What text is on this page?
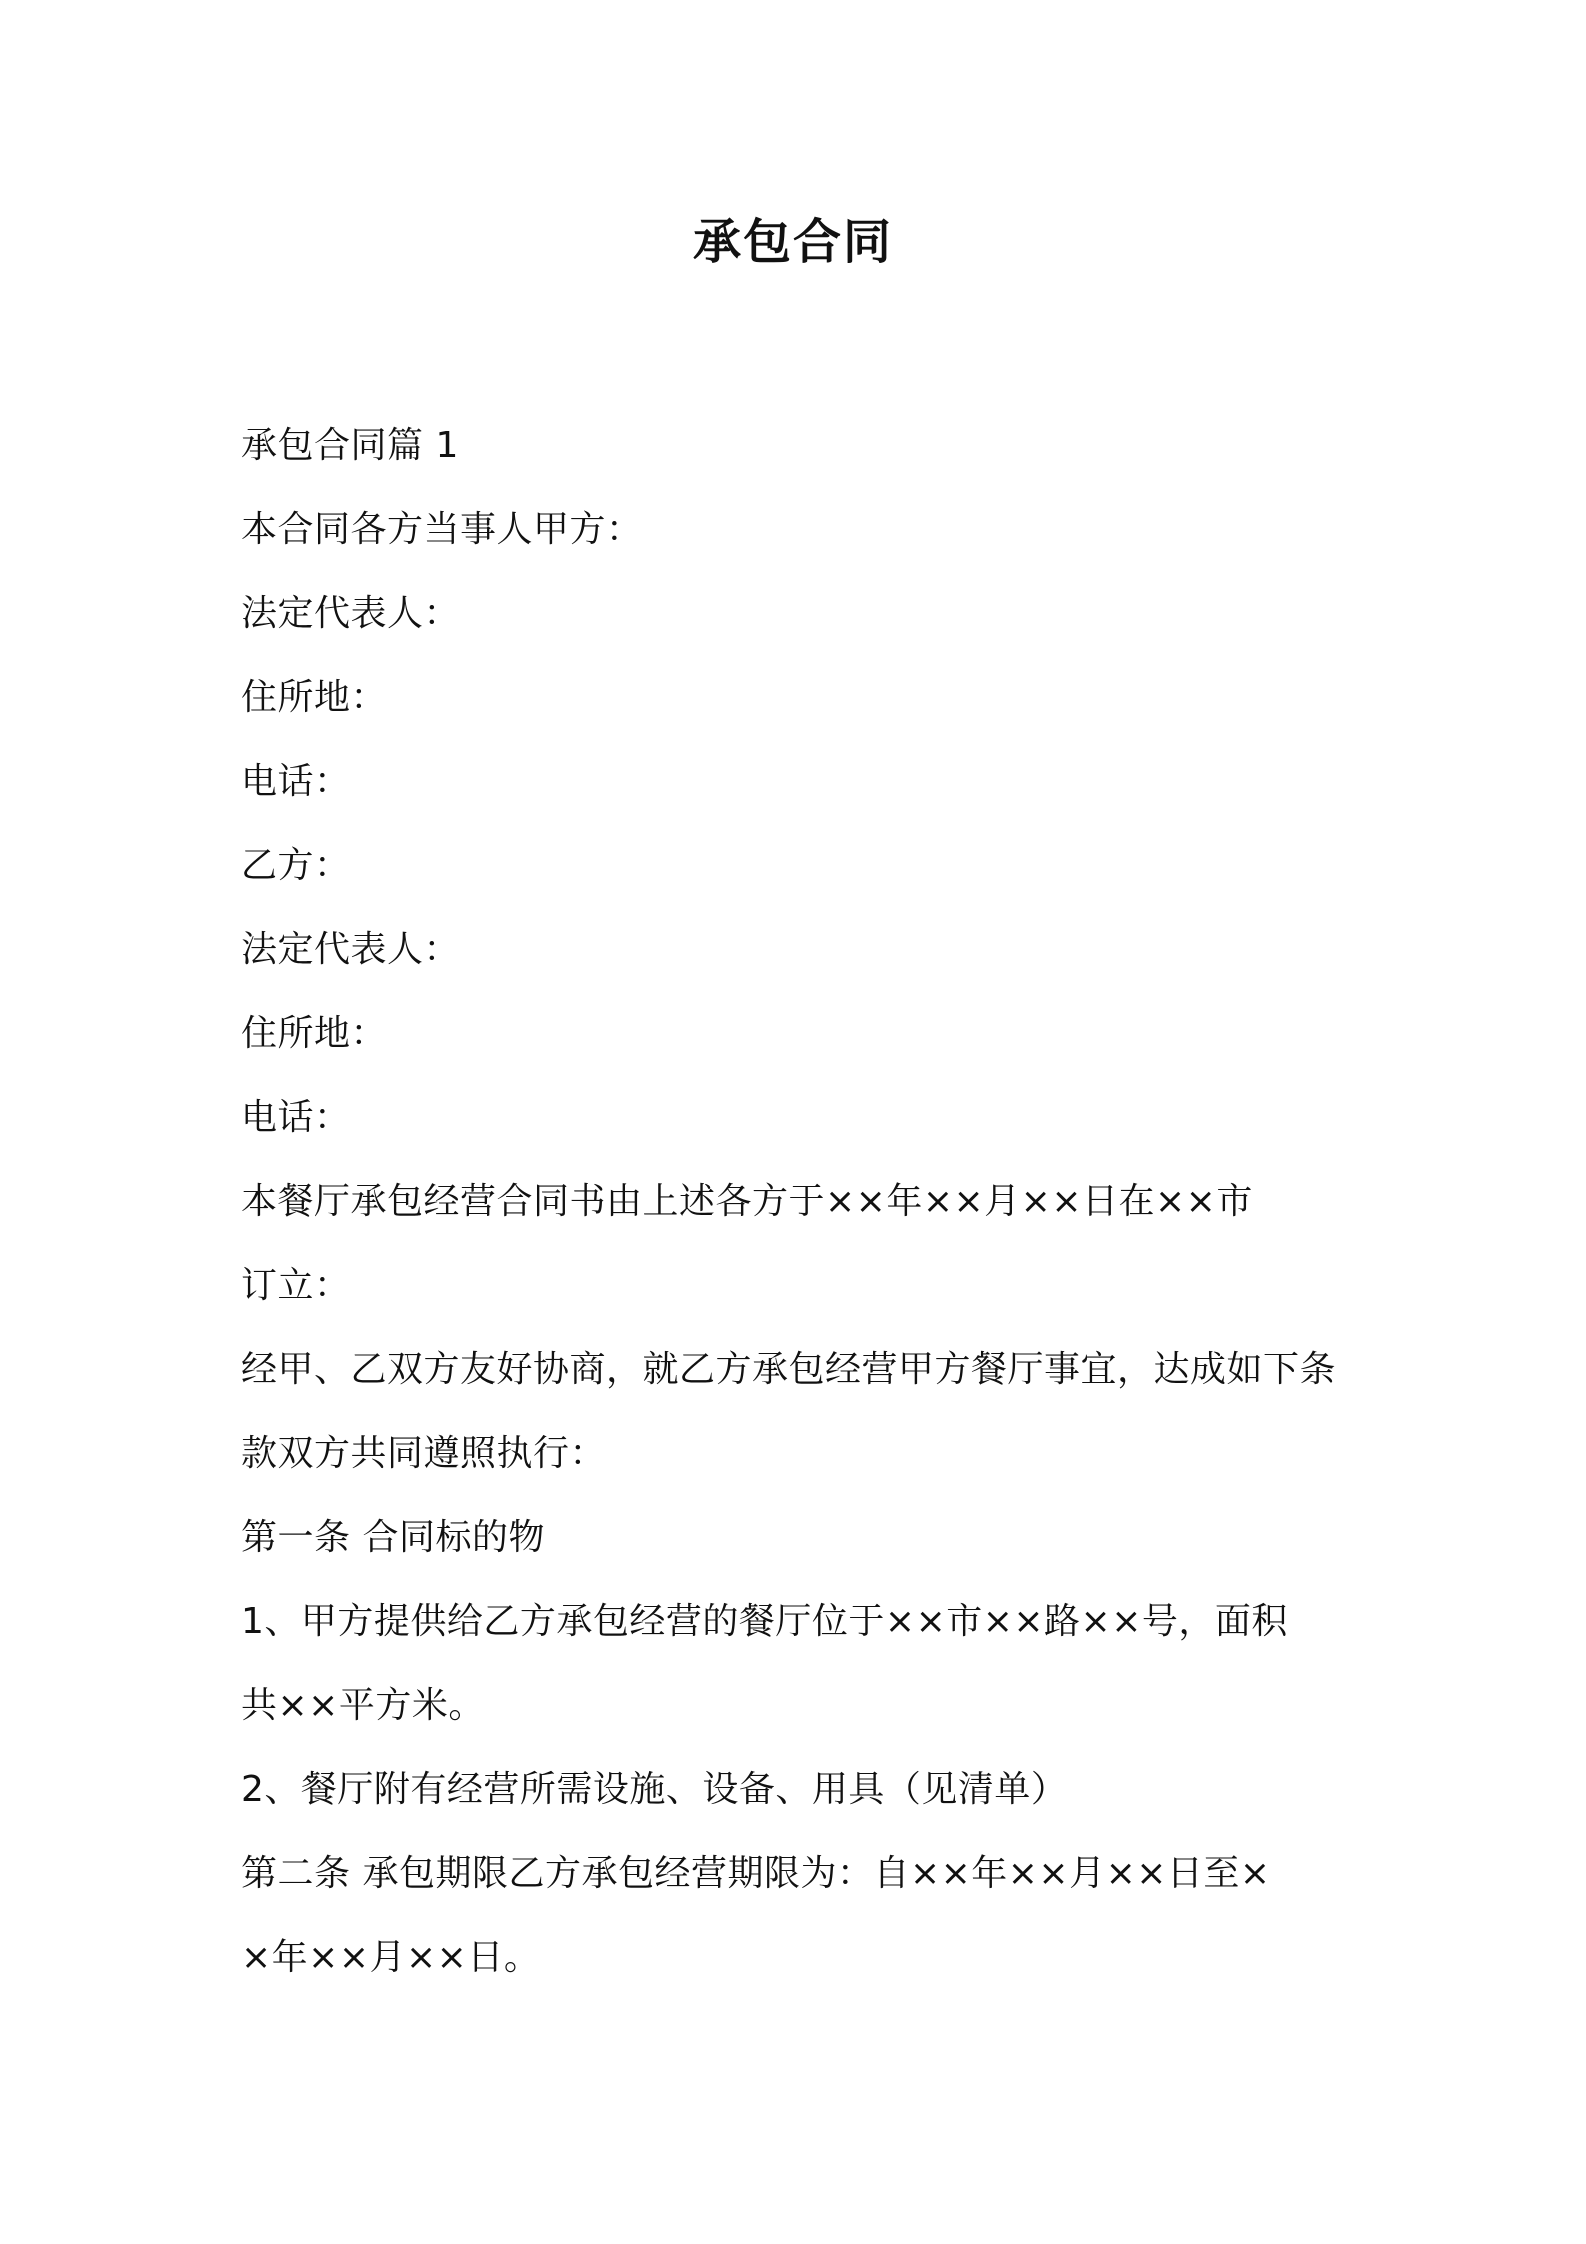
承包合同
承包合同篇 1
本合同各方当事人甲方：
法定代表人：
住所地：
电话：
乙方：
法定代表人：
住所地：
电话：
本餐厅承包经营合同书由上述各方于××年××月××日在××市
订立：
经甲、乙双方友好协商，就乙方承包经营甲方餐厅事宜，达成如下条
款双方共同遵照执行：
第一条 合同标的物
1、甲方提供给乙方承包经营的餐厅位于××市××路××号，面积
共××平方米。
2、餐厅附有经营所需设施、设备、用具（见清单）
第二条 承包期限乙方承包经营期限为：自××年××月××日至×
×年××月××日。
